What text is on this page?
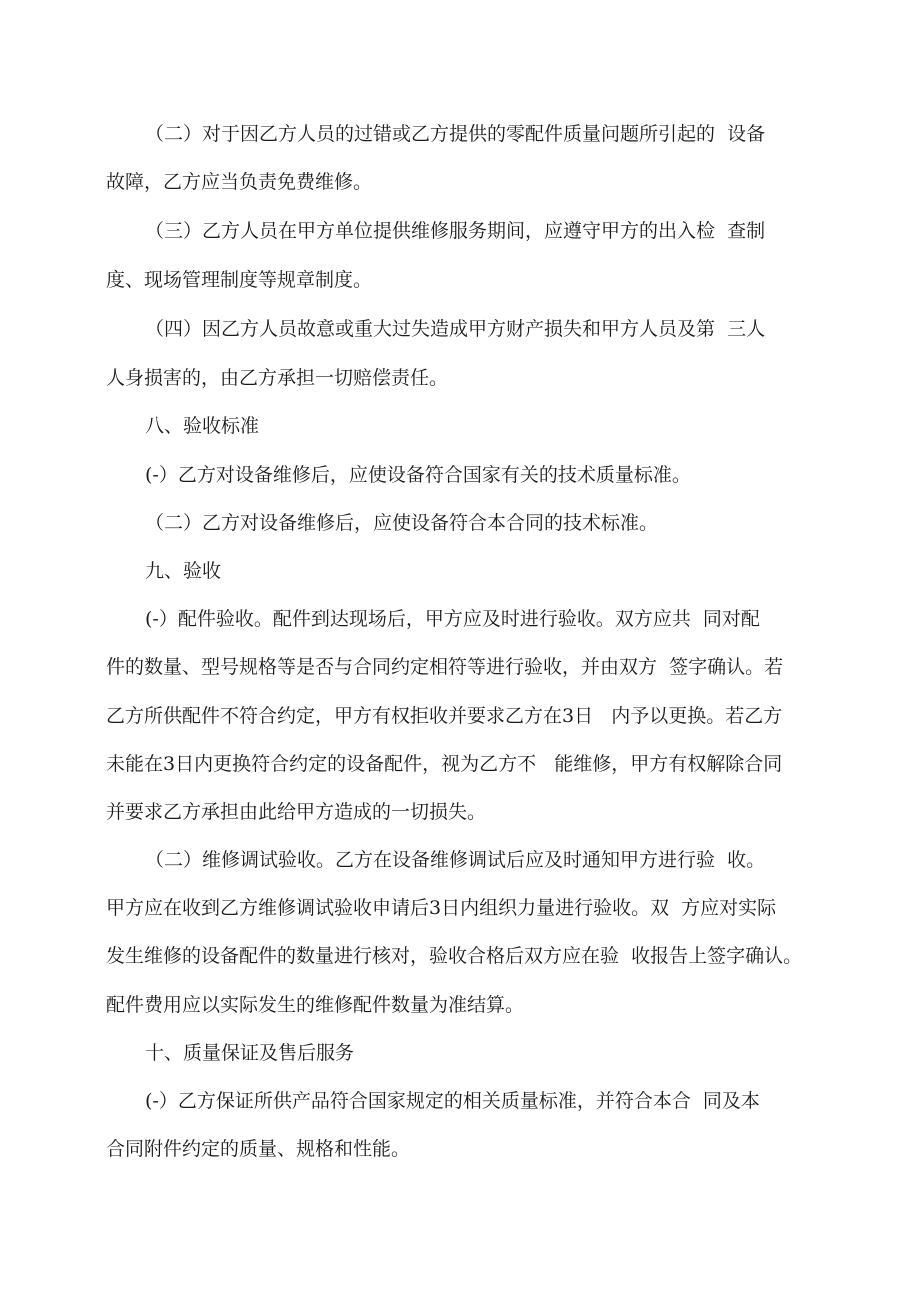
（二）对于因乙方人员的过错或乙方提供的零配件质量问题所引起的  设备
故障，乙方应当负责免费维修。
（三）乙方人员在甲方单位提供维修服务期间，应遵守甲方的出入检  查制
度、现场管理制度等规章制度。
（四）因乙方人员故意或重大过失造成甲方财产损失和甲方人员及第  三人
人身损害的，由乙方承担一切赔偿责任。
八、验收标准
(-）乙方对设备维修后，应使设备符合国家有关的技术质量标准。
（二）乙方对设备维修后，应使设备符合本合同的技术标准。
九、验收
(-）配件验收。配件到达现场后，甲方应及时进行验收。双方应共  同对配
件的数量、型号规格等是否与合同约定相符等进行验收，并由双方  签字确认。若
乙方所供配件不符合约定，甲方有权拒收并要求乙方在3日   内予以更换。若乙方
未能在3日内更换符合约定的设备配件，视为乙方不   能维修，甲方有权解除合同
并要求乙方承担由此给甲方造成的一切损失。
（二）维修调试验收。乙方在设备维修调试后应及时通知甲方进行验  收。
甲方应在收到乙方维修调试验收申请后3日内组织力量进行验收。双  方应对实际
发生维修的设备配件的数量进行核对，验收合格后双方应在验  收报告上签字确认。
配件费用应以实际发生的维修配件数量为准结算。
十、质量保证及售后服务
(-）乙方保证所供产品符合国家规定的相关质量标准，并符合本合  同及本
合同附件约定的质量、规格和性能。
